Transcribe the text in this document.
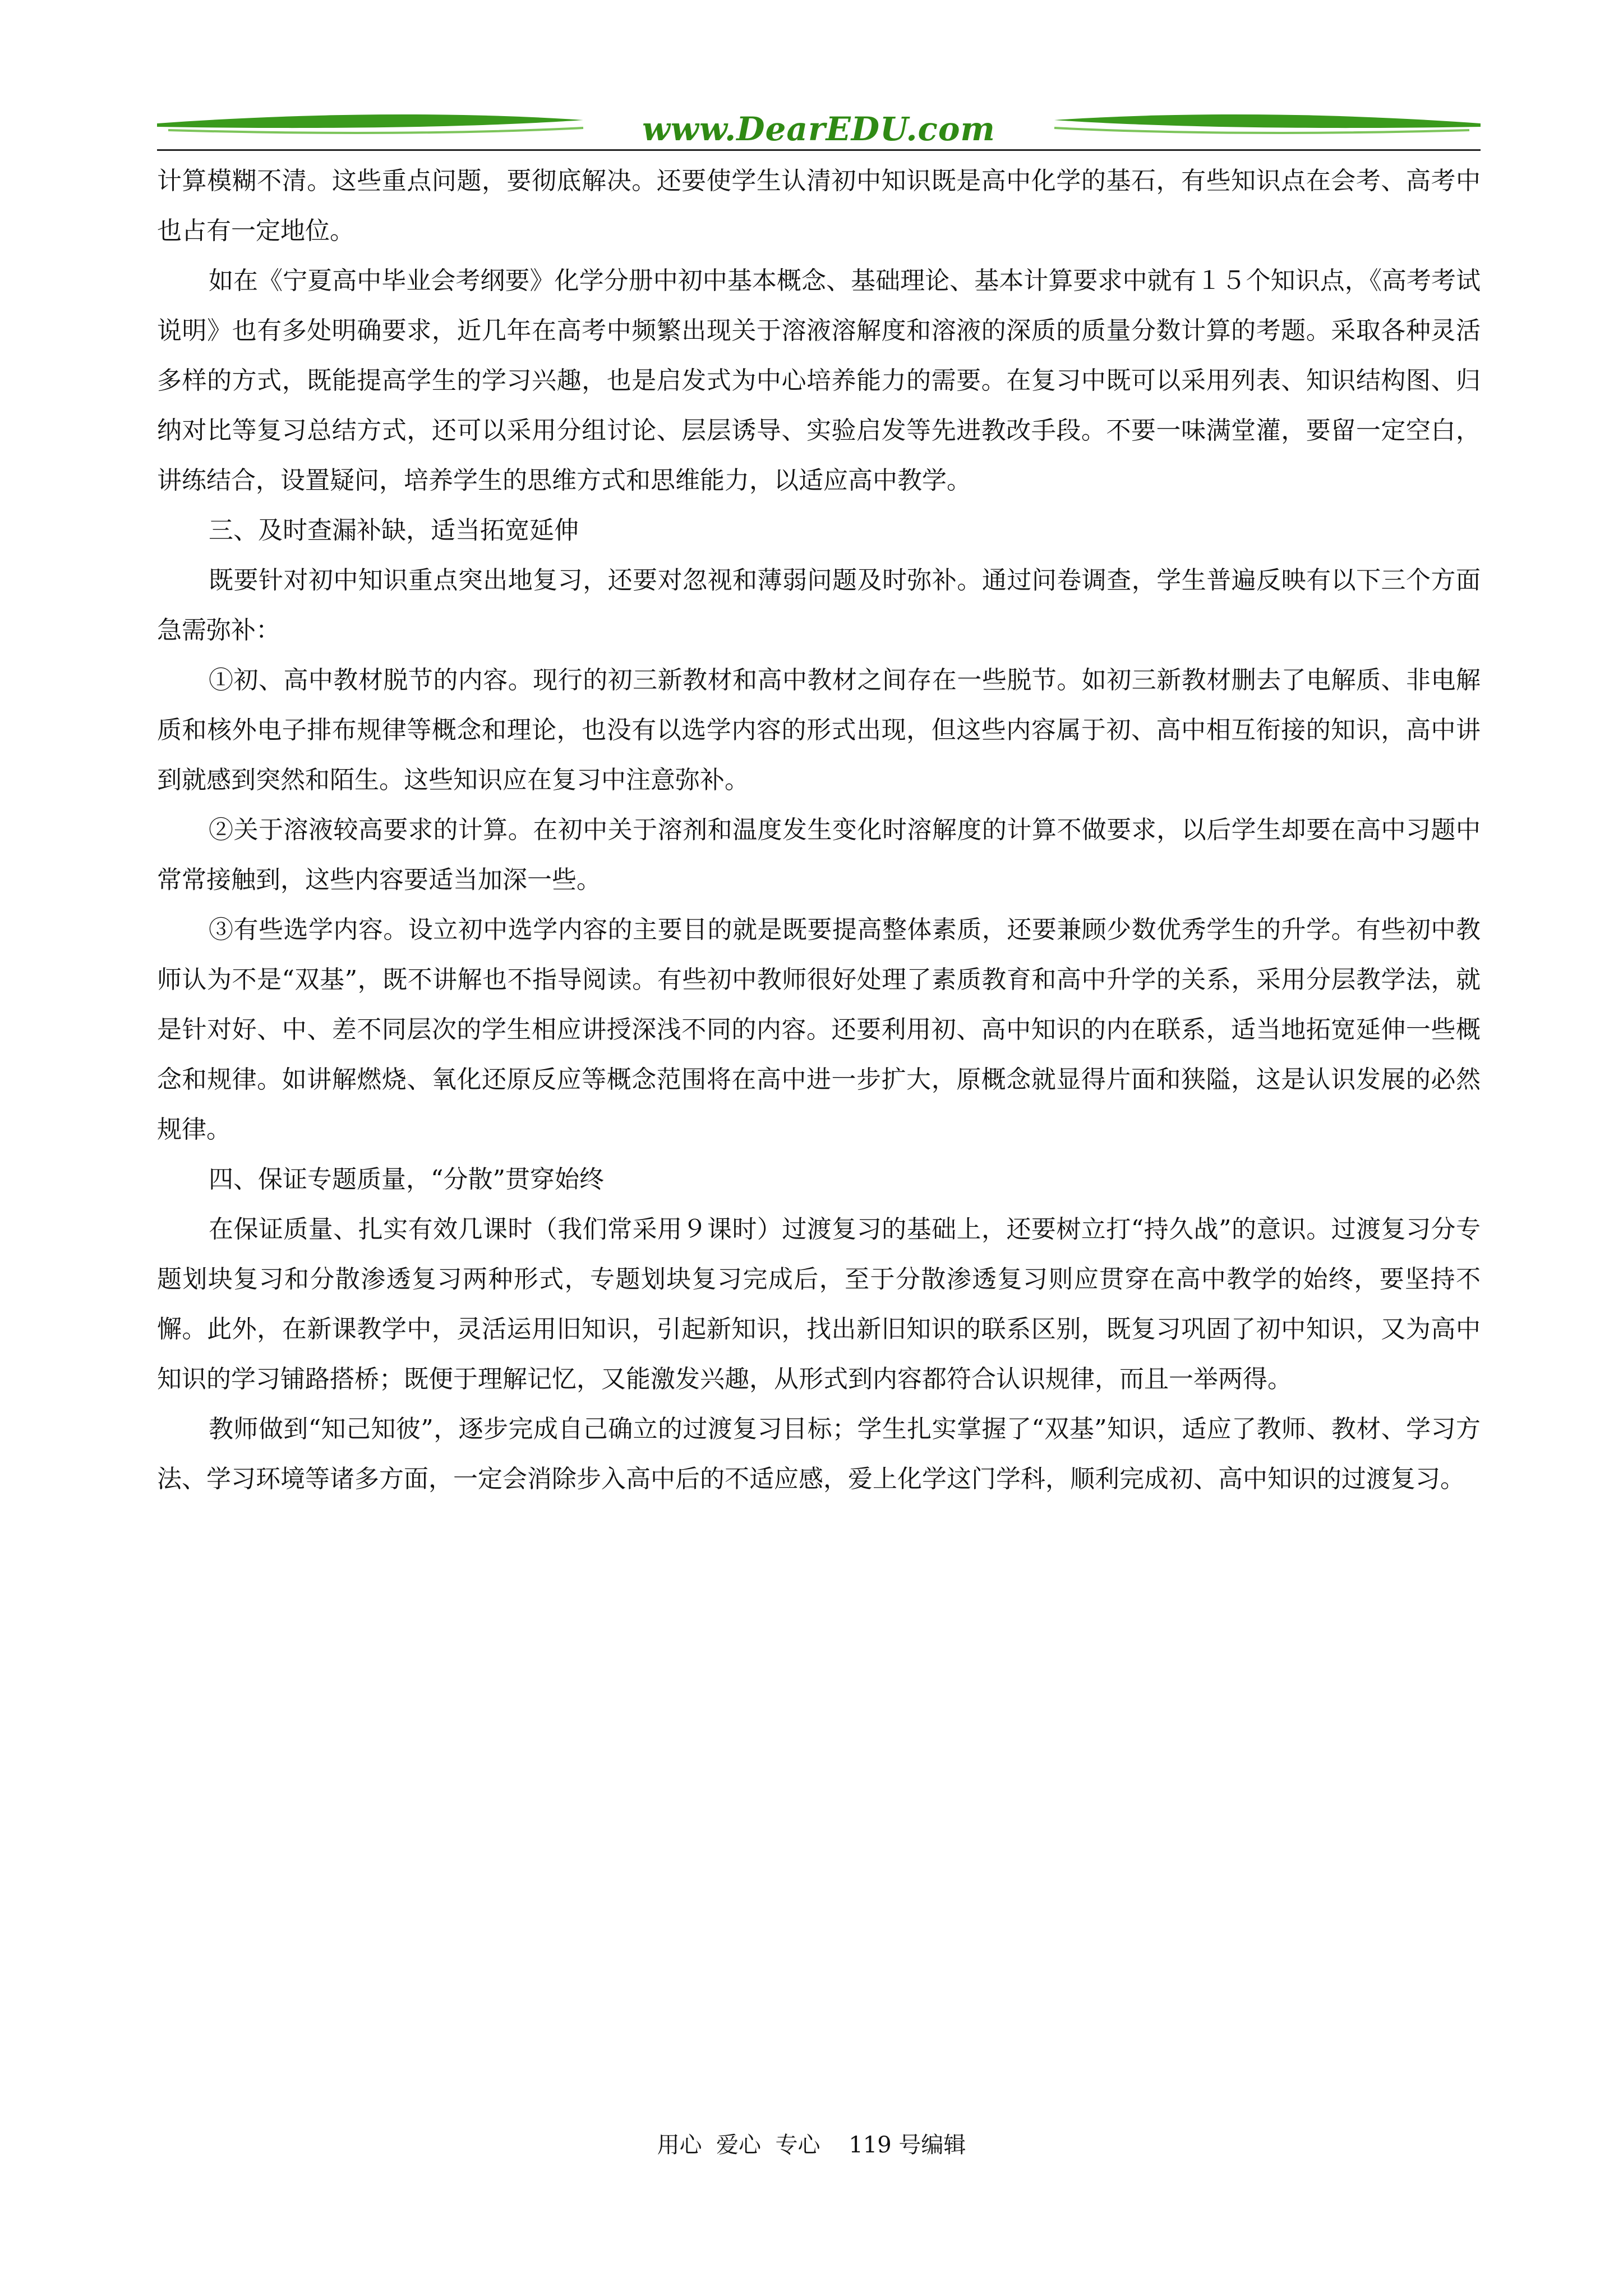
www.DearEDU.com

计算模糊不清。这些重点问题，要彻底解决。还要使学生认清初中知识既是高中化学的基石，有些知识点在会考、高考中也占有一定地位。

如在《宁夏高中毕业会考纲要》化学分册中初中基本概念、基础理论、基本计算要求中就有１５个知识点，《高考考试说明》也有多处明确要求，近几年在高考中频繁出现关于溶液溶解度和溶液的深质的质量分数计算的考题。采取各种灵活多样的方式，既能提高学生的学习兴趣，也是启发式为中心培养能力的需要。在复习中既可以采用列表、知识结构图、归纳对比等复习总结方式，还可以采用分组讨论、层层诱导、实验启发等先进教改手段。不要一味满堂灌，要留一定空白，讲练结合，设置疑问，培养学生的思维方式和思维能力，以适应高中教学。

三、及时查漏补缺，适当拓宽延伸

既要针对初中知识重点突出地复习，还要对忽视和薄弱问题及时弥补。通过问卷调查，学生普遍反映有以下三个方面急需弥补：

①初、高中教材脱节的内容。现行的初三新教材和高中教材之间存在一些脱节。如初三新教材删去了电解质、非电解质和核外电子排布规律等概念和理论，也没有以选学内容的形式出现，但这些内容属于初、高中相互衔接的知识，高中讲到就感到突然和陌生。这些知识应在复习中注意弥补。

②关于溶液较高要求的计算。在初中关于溶剂和温度发生变化时溶解度的计算不做要求，以后学生却要在高中习题中常常接触到，这些内容要适当加深一些。

③有些选学内容。设立初中选学内容的主要目的就是既要提高整体素质，还要兼顾少数优秀学生的升学。有些初中教师认为不是“双基”，既不讲解也不指导阅读。有些初中教师很好处理了素质教育和高中升学的关系，采用分层教学法，就是针对好、中、差不同层次的学生相应讲授深浅不同的内容。还要利用初、高中知识的内在联系，适当地拓宽延伸一些概念和规律。如讲解燃烧、氧化还原反应等概念范围将在高中进一步扩大，原概念就显得片面和狭隘，这是认识发展的必然规律。

四、保证专题质量，“分散”贯穿始终

在保证质量、扎实有效几课时（我们常采用９课时）过渡复习的基础上，还要树立打“持久战”的意识。过渡复习分专题划块复习和分散渗透复习两种形式，专题划块复习完成后，至于分散渗透复习则应贯穿在高中教学的始终，要坚持不懈。此外，在新课教学中，灵活运用旧知识，引起新知识，找出新旧知识的联系区别，既复习巩固了初中知识，又为高中知识的学习铺路搭桥；既便于理解记忆，又能激发兴趣，从形式到内容都符合认识规律，而且一举两得。

教师做到“知己知彼”，逐步完成自己确立的过渡复习目标；学生扎实掌握了“双基”知识，适应了教师、教材、学习方法、学习环境等诸多方面，一定会消除步入高中后的不适应感，爱上化学这门学科，顺利完成初、高中知识的过渡复习。

用心  爱心  专心    119 号编辑
